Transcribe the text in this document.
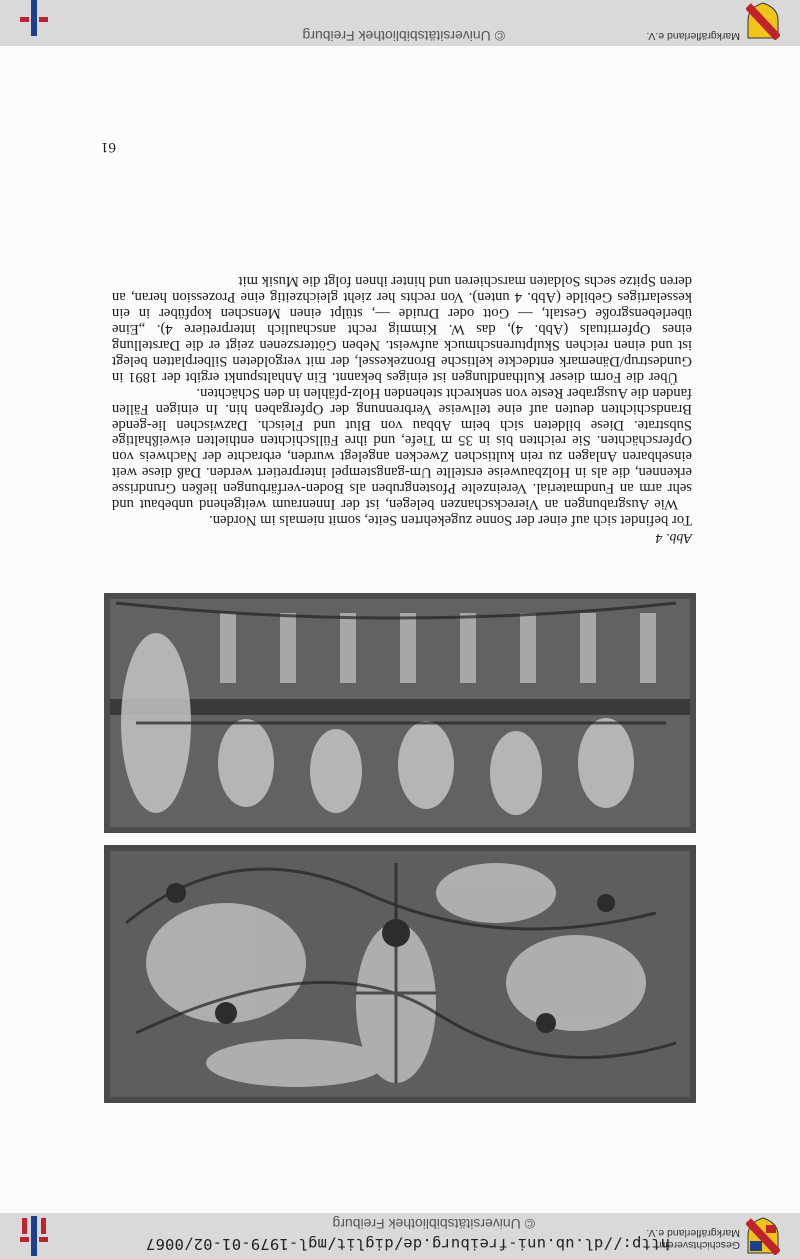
Geschichtsverein
Markgräflerland e.V.
http://dl.ub.uni-freiburg.de/diglit/mgl-1979-01-02/0067
© Universitätsbibliothek Freiburg
Abb. 4

Tor befindet sich auf einer der Sonne zugekehrten Seite, somit niemals im Norden.

Wie Ausgrabungen an Viereckschanzen belegen, ist der Innenraum weitgehend unbebaut und sehr arm an Fundmaterial. Vereinzelte Pfostengruben als Boden-verfärbungen ließen Grundrisse erkennen, die als in Holzbauweise erstellte Um-gangstempel interpretiert werden. Daß diese weit einsehbaren Anlagen zu rein kultischen Zwecken angelegt wurden, erbrachte der Nachweis von Opferschächten. Sie reichten bis in 35 m Tiefe, und ihre Füllschichten enthielten eiweißhaltige Substrate. Diese bildeten sich beim Abbau von Blut und Fleisch. Dazwischen lie-gende Brandschichten deuten auf eine teilweise Verbrennung der Opfergaben hin. In einigen Fällen fanden die Ausgraber Reste von senkrecht stehenden Holz-pfählen in den Schächten.

Über die Form dieser Kulthandlungen ist einiges bekannt. Ein Anhaltspunkt ergibt der 1891 in Gundestrup/Dänemark entdeckte keltische Bronzekessel, der mit vergoldeten Silberplatten belegt ist und einen reichen Skulpturenschmuck aufweist. Neben Götterszenen zeigt er die Darstellung eines Opferrituals (Abb. 4), das W. Kimmig recht anschaulich interpretiere 4). „Eine überlebensgroße Gestalt, — Gott oder Druide —, stülpt einen Menschen kopfüber in ein kesselartiges Gebilde (Abb. 4 unten). Von rechts her zieht gleichzeitig eine Prozession heran, an deren Spitze sechs Soldaten marschieren und hinter ihnen folgt die Musik mit

61
Markgräflerland e.V.
© Universitätsbibliothek Freiburg
